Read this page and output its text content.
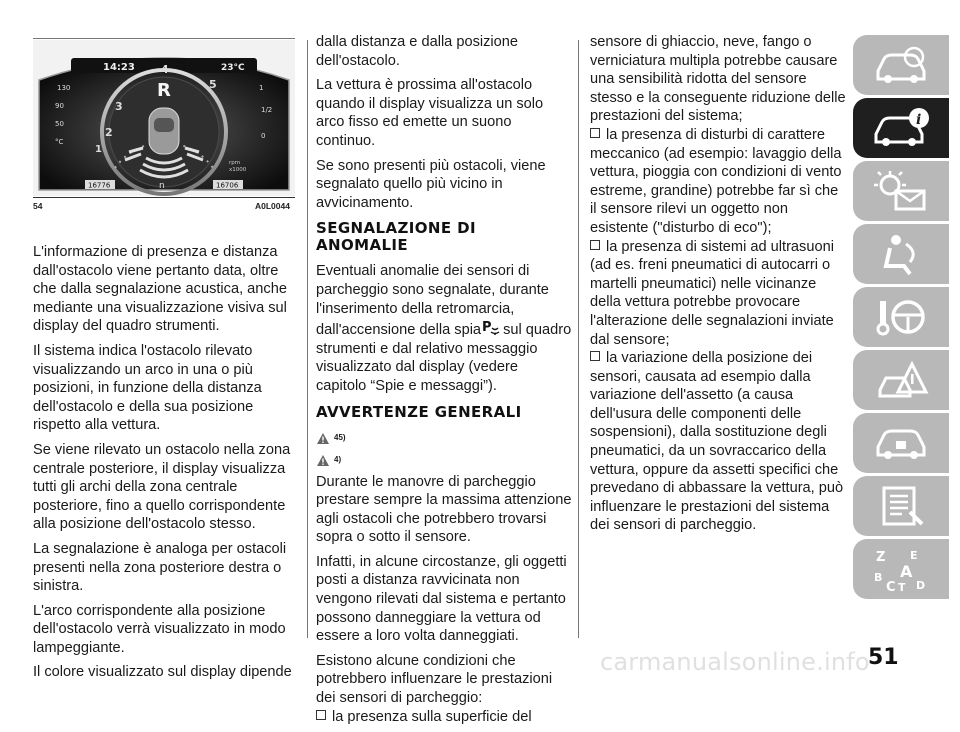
14:23	23°C
3
4
5
2
1
R
n
130
90
50
°C
1
1/2
0
rpm
x1000
16776	16706
54	A0L0044

L'informazione di presenza e distanza dall'ostacolo viene pertanto data, oltre che dalla segnalazione acustica, anche mediante una visualizzazione visiva sul display del quadro strumenti.

Il sistema indica l'ostacolo rilevato visualizzando un arco in una o più posizioni, in funzione della distanza dell'ostacolo e della sua posizione rispetto alla vettura.

Se viene rilevato un ostacolo nella zona centrale posteriore, il display visualizza tutti gli archi della zona centrale posteriore, fino a quello corrispondente alla posizione dell'ostacolo stesso.

La segnalazione è analoga per ostacoli presenti nella zona posteriore destra o sinistra.

L'arco corrispondente alla posizione dell'ostacolo verrà visualizzato in modo lampeggiante.

Il colore visualizzato sul display dipende

dalla distanza e dalla posizione dell'ostacolo.

La vettura è prossima all'ostacolo quando il display visualizza un solo arco fisso ed emette un suono continuo.

Se sono presenti più ostacoli, viene segnalato quello più vicino in avvicinamento.

SEGNALAZIONE DI ANOMALIE

Eventuali anomalie dei sensori di parcheggio sono segnalate, durante l'inserimento della retromarcia, dall'accensione della spia P sul quadro strumenti e dal relativo messaggio visualizzato dal display (vedere capitolo “Spie e messaggi”).

AVVERTENZE GENERALI
45)
4)

Durante le manovre di parcheggio prestare sempre la massima attenzione agli ostacoli che potrebbero trovarsi sopra o sotto il sensore.

Infatti, in alcune circostanze, gli oggetti posti a distanza ravvicinata non vengono rilevati dal sistema e pertanto possono danneggiare la vettura od essere a loro volta danneggiati.

Esistono alcune condizioni che potrebbero influenzare le prestazioni dei sensori di parcheggio:

la presenza sulla superficie del

sensore di ghiaccio, neve, fango o verniciatura multipla potrebbe causare una sensibilità ridotta del sensore stesso e la conseguente riduzione delle prestazioni del sistema;

la presenza di disturbi di carattere meccanico (ad esempio: lavaggio della vettura, pioggia con condizioni di vento estreme, grandine) potrebbe far sì che il sensore rilevi un oggetto non esistente ("disturbo di eco");

la presenza di sistemi ad ultrasuoni (ad es. freni pneumatici di autocarri o martelli pneumatici) nelle vicinanze della vettura potrebbe provocare l'alterazione delle segnalazioni inviate dal sensore;

la variazione della posizione dei sensori, causata ad esempio dalla variazione dell'assetto (a causa dell'usura delle componenti delle sospensioni), dalla sostituzione degli pneumatici, da un sovraccarico della vettura, oppure da assetti specifici che prevedano di abbassare la vettura, può influenzare le prestazioni del sistema dei sensori di parcheggio.

i
Z E
A
B
D
C T
carmanualsonline.info
51
